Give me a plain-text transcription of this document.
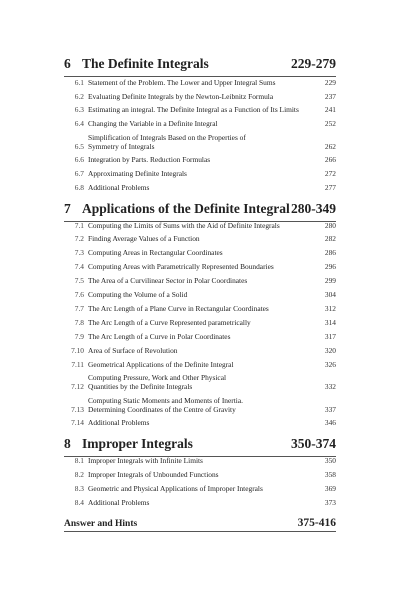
6 The Definite Integrals	229-279
6.1 Statement of the Problem. The Lower and Upper Integral Sums	229
6.2 Evaluating Definite Integrals by the Newton-Leibnitz Formula	237
6.3 Estimating an integral. The Definite Integral as a Function of Its Limits	241
6.4 Changing the Variable in a Definite Integral	252
6.5
Simplification of Integrals Based on the Properties of
Symmetry of Integrals	262
6.6 Integration by Parts. Reduction Formulas	266
6.7 Approximating Definite Integrals	272
6.8 Additional Problems	277
7 Applications of the Definite Integral 280-349
7.1 Computing the Limits of Sums with the Aid of Definite Integrals	280
7.2 Finding Average Values of a Function	282
7.3 Computing Areas in Rectangular Coordinates	286
7.4 Computing Areas with Parametrically Represented Boundaries	296
7.5 The Area of a Curvilinear Sector in Polar Coordinates	299
7.6 Computing the Volume of a Solid	304
7.7 The Arc Length of a Plane Curve in Rectangular Coordinates	312
7.8 The Arc Length of a Curve Represented parametrically	314
7.9 The Arc Length of a Curve in Polar Coordinates	317
7.10 Area of Surface of Revolution	320
7.11 Geometrical Applications of the Definite Integral	326
7.12
Computing Pressure, Work and Other Physical
Quantities by the Definite Integrals	332
7.13
Computing Static Moments and Moments of Inertia.
Determining Coordinates of the Centre of Gravity	337
7.14 Additional Problems	346
8 Improper Integrals	350-374
8.1 Improper Integrals with Infinite Limits	350
8.2 Improper Integrals of Unbounded Functions	358
8.3 Geometric and Physical Applications of Improper Integrals	369
8.4 Additional Problems	373
Answer and Hints	375-416
